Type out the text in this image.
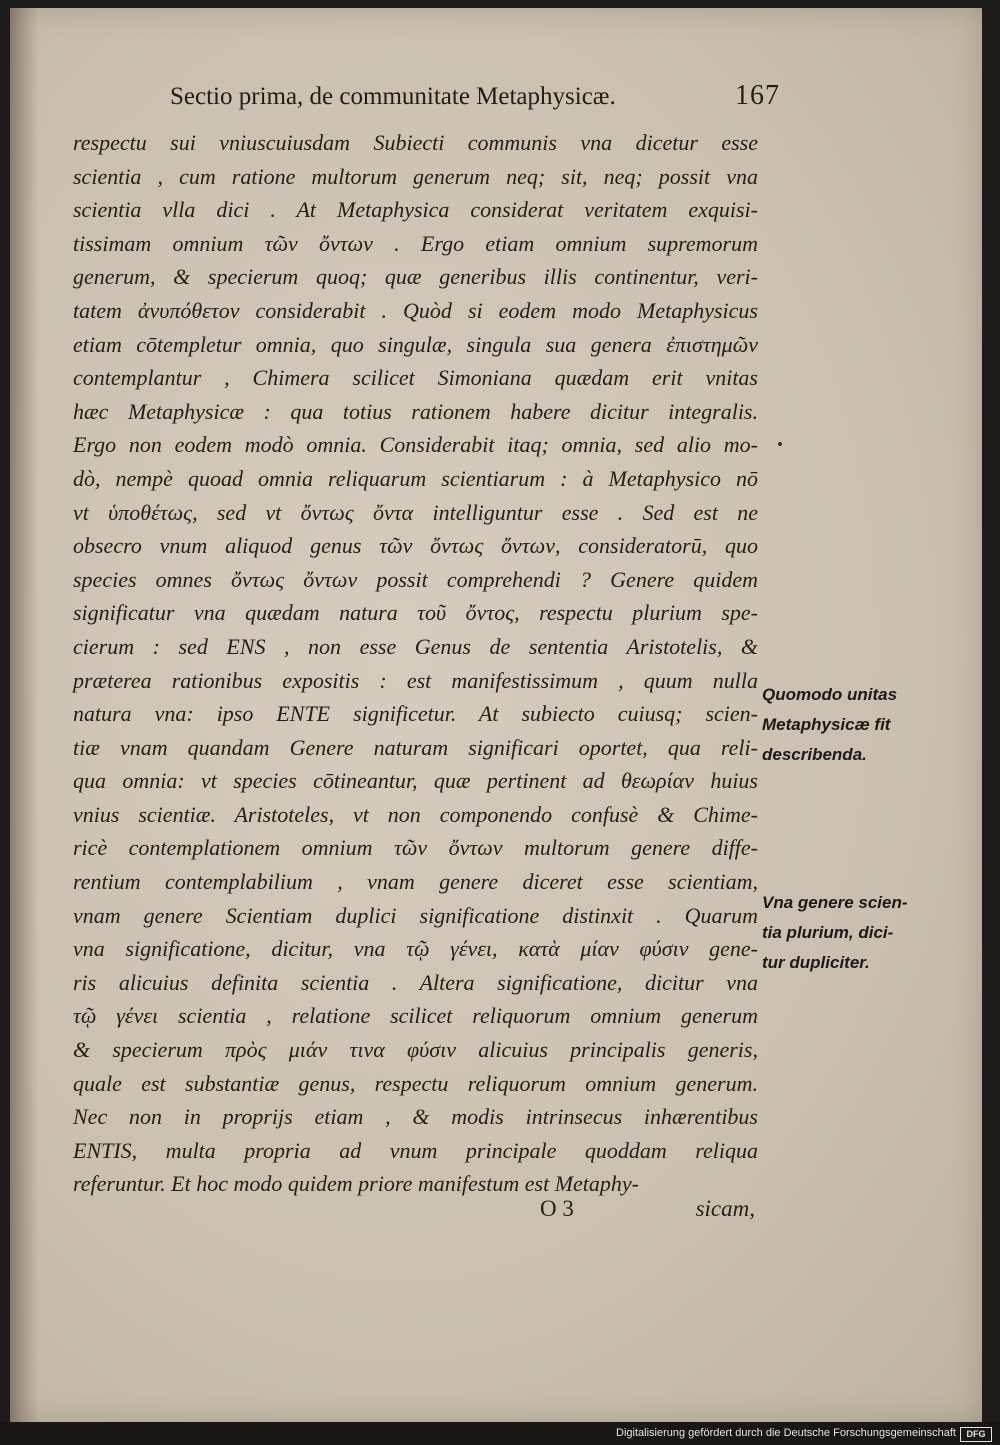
Sectio prima, de communitate Metaphysicæ.	167
respectu sui vniuscuiusdam Subiecti communis vna dicetur esse
scientia , cum ratione multorum generum neq; sit, neq; possit vna
scientia vlla dici . At Metaphysica considerat veritatem exquisi-
tissimam omnium τῶν ὄντων . Ergo etiam omnium supremorum
generum, & specierum quoq; quæ generibus illis continentur, veri-
tatem ἀνυπόθετον considerabit . Quòd si eodem modo Metaphysicus
etiam cōtempletur omnia, quo singulæ, singula sua genera ἐπιστημῶν
contemplantur , Chimera scilicet Simoniana quædam erit vnitas
hæc Metaphysicæ : qua totius rationem habere dicitur integralis.
Ergo non eodem modò omnia. Considerabit itaq; omnia, sed alio mo-
dò, nempè quoad omnia reliquarum scientiarum : à Metaphysico nō
vt ὑποθέτως, sed vt ὄντως ὄντα intelliguntur esse . Sed est ne
obsecro vnum aliquod genus τῶν ὄντως ὄντων, consideratorū, quo
species omnes ὄντως ὄντων possit comprehendi ? Genere quidem
significatur vna quædam natura τοῦ ὄντος, respectu plurium spe-
cierum : sed ENS , non esse Genus de sententia Aristotelis, &
præterea rationibus expositis : est manifestissimum , quum nulla
natura vna: ipso ENTE significetur. At subiecto cuiusq; scien-
tiæ vnam quandam Genere naturam significari oportet, qua reli-
qua omnia: vt species cōtineantur, quæ pertinent ad θεωρίαν huius
vnius scientiæ. Aristoteles, vt non componendo confusè & Chime-
ricè contemplationem omnium τῶν ὄντων multorum genere diffe-
rentium contemplabilium , vnam genere diceret esse scientiam,
vnam genere Scientiam duplici significatione distinxit . Quarum
vna significatione, dicitur, vna τῷ γένει, κατὰ μίαν φύσιν gene-
ris alicuius definita scientia . Altera significatione, dicitur vna
τῷ γένει scientia , relatione scilicet reliquorum omnium generum
& specierum πρὸς μιάν τινα φύσιν alicuius principalis generis,
quale est substantiæ genus, respectu reliquorum omnium generum.
Nec non in proprijs etiam , & modis intrinsecus inhærentibus
ENTIS, multa propria ad vnum principale quoddam reliqua
referuntur. Et hoc modo quidem priore manifestum est Metaphy-
Quomodo unitas
Metaphysicæ fit
describenda.
Vna genere scien-
tia plurium, dici-
tur dupliciter.
O 3	sicam,
Digitalisierung gefördert durch die Deutsche Forschungsgemeinschaft	DFG
